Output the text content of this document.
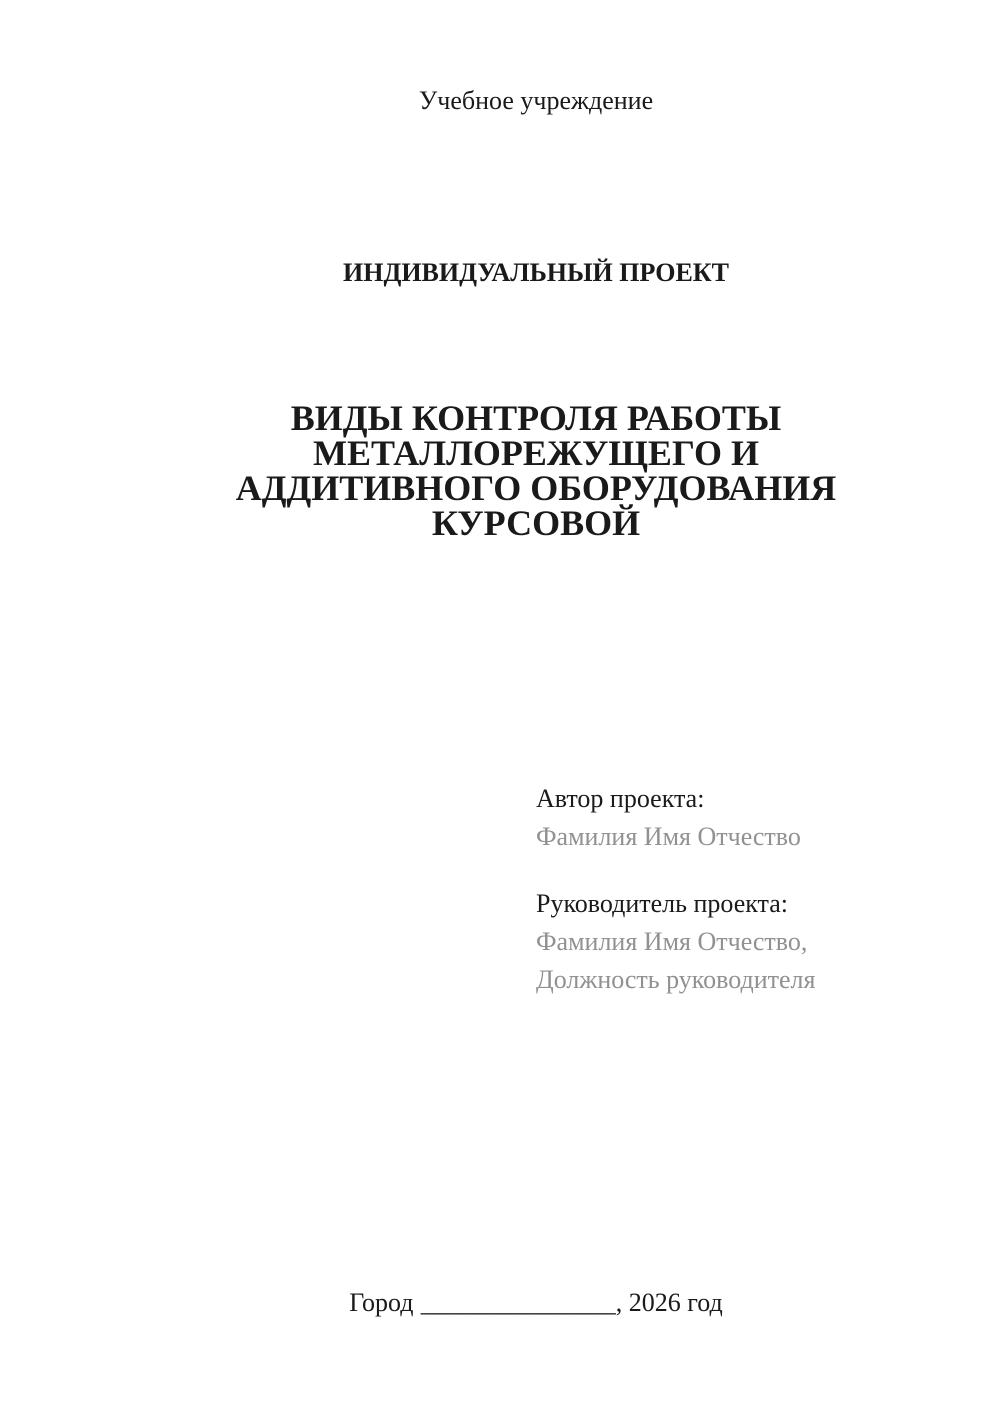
Учебное учреждение
ИНДИВИДУАЛЬНЫЙ ПРОЕКТ
ВИДЫ КОНТРОЛЯ РАБОТЫ
МЕТАЛЛОРЕЖУЩЕГО И
АДДИТИВНОГО ОБОРУДОВАНИЯ
КУРСОВОЙ
Автор проекта:
Фамилия Имя Отчество
Руководитель проекта:
Фамилия Имя Отчество,
Должность руководителя
Город _______________, 2026 год
